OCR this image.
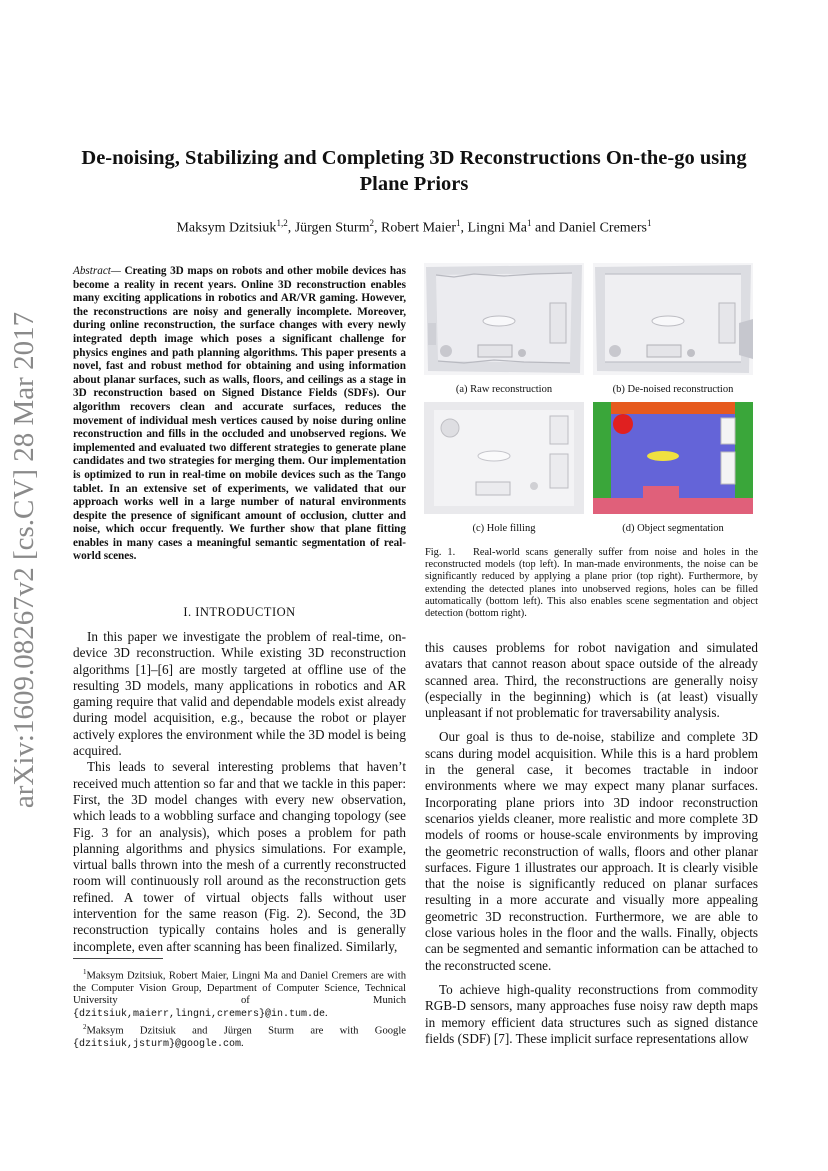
arXiv:1609.08267v2 [cs.CV] 28 Mar 2017
De-noising, Stabilizing and Completing 3D Reconstructions On-the-go using Plane Priors
Maksym Dzitsiuk$^{1,2}$, Jürgen Sturm$^2$, Robert Maier$^1$, Lingni Ma$^1$ and Daniel Cremers$^1$
Abstract— Creating 3D maps on robots and other mobile devices has become a reality in recent years. Online 3D reconstruction enables many exciting applications in robotics and AR/VR gaming. However, the reconstructions are noisy and generally incomplete. Moreover, during online reconstruction, the surface changes with every newly integrated depth image which poses a significant challenge for physics engines and path planning algorithms. This paper presents a novel, fast and robust method for obtaining and using information about planar surfaces, such as walls, floors, and ceilings as a stage in 3D reconstruction based on Signed Distance Fields (SDFs). Our algorithm recovers clean and accurate surfaces, reduces the movement of individual mesh vertices caused by noise during online reconstruction and fills in the occluded and unobserved regions. We implemented and evaluated two different strategies to generate plane candidates and two strategies for merging them. Our implementation is optimized to run in real-time on mobile devices such as the Tango tablet. In an extensive set of experiments, we validated that our approach works well in a large number of natural environments despite the presence of significant amount of occlusion, clutter and noise, which occur frequently. We further show that plane fitting enables in many cases a meaningful semantic segmentation of real-world scenes.
I. INTRODUCTION

In this paper we investigate the problem of real-time, on-device 3D reconstruction. While existing 3D reconstruction algorithms [1]–[6] are mostly targeted at offline use of the resulting 3D models, many applications in robotics and AR gaming require that valid and dependable models exist already during model acquisition, e.g., because the robot or player actively explores the environment while the 3D model is being acquired.

This leads to several interesting problems that haven’t received much attention so far and that we tackle in this paper: First, the 3D model changes with every new observation, which leads to a wobbling surface and changing topology (see Fig. 3 for an analysis), which poses a problem for path planning algorithms and physics simulations. For example, virtual balls thrown into the mesh of a currently reconstructed room will continuously roll around as the reconstruction gets refined. A tower of virtual objects falls without user intervention for the same reason (Fig. 2). Second, the 3D reconstruction typically contains holes and is generally incomplete, even after scanning has been finalized. Similarly,

$^1$Maksym Dzitsiuk, Robert Maier, Lingni Ma and Daniel Cremers are with the Computer Vision Group, Department of Computer Science, Technical University of Munich {dzitsiuk,maierr,lingni,cremers}@in.tum.de.

$^2$Maksym Dzitsiuk and Jürgen Sturm are with Google {dzitsiuk,jsturm}@google.com.

(a) Raw reconstruction	(b) De-noised reconstruction
(c) Hole filling	(d) Object segmentation
Fig. 1. Real-world scans generally suffer from noise and holes in the reconstructed models (top left). In man-made environments, the noise can be significantly reduced by applying a plane prior (top right). Furthermore, by extending the detected planes into unobserved regions, holes can be filled automatically (bottom left). This also enables scene segmentation and object detection (bottom right).

this causes problems for robot navigation and simulated avatars that cannot reason about space outside of the already scanned area. Third, the reconstructions are generally noisy (especially in the beginning) which is (at least) visually unpleasant if not problematic for traversability analysis.

Our goal is thus to de-noise, stabilize and complete 3D scans during model acquisition. While this is a hard problem in the general case, it becomes tractable in indoor environments where we may expect many planar surfaces. Incorporating plane priors into 3D indoor reconstruction scenarios yields cleaner, more realistic and more complete 3D models of rooms or house-scale environments by improving the geometric reconstruction of walls, floors and other planar surfaces. Figure 1 illustrates our approach. It is clearly visible that the noise is significantly reduced on planar surfaces resulting in a more accurate and visually more appealing geometric 3D reconstruction. Furthermore, we are able to close various holes in the floor and the walls. Finally, objects can be segmented and semantic information can be attached to the reconstructed scene.

To achieve high-quality reconstructions from commodity RGB-D sensors, many approaches fuse noisy raw depth maps in memory efficient data structures such as signed distance fields (SDF) [7]. These implicit surface representations allow
